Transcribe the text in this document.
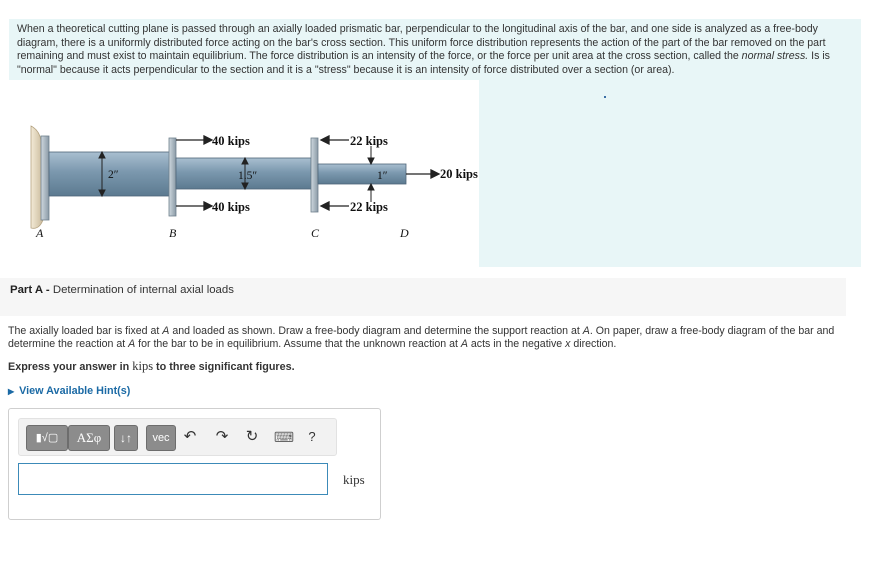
When a theoretical cutting plane is passed through an axially loaded prismatic bar, perpendicular to the longitudinal axis of the bar, and one side is analyzed as a free-body diagram, there is a uniformly distributed force acting on the bar's cross section. This uniform force distribution represents the action of the part of the bar removed on the part remaining and must exist to maintain equilibrium. The force distribution is an intensity of the force, or the force per unit area at the cross section, called the normal stress. Is is "normal" because it acts perpendicular to the section and it is a "stress" because it is an intensity of force distributed over a section (or area).
40 kips
40 kips
22 kips
22 kips
20 kips
2″	1.5″	1″
A	B	C	D
Part A - Determination of internal axial loads
The axially loaded bar is fixed at A and loaded as shown. Draw a free-body diagram and determine the support reaction at A. On paper, draw a free-body diagram of the bar and determine the reaction at A for the bar to be in equilibrium. Assume that the unknown reaction at A acts in the negative x direction.
Express your answer in kips to three significant figures.
▶ View Available Hint(s)
▮√▢	ΑΣφ	↓↑	vec ↶ ↷ ↻ ⌨	?
kips
